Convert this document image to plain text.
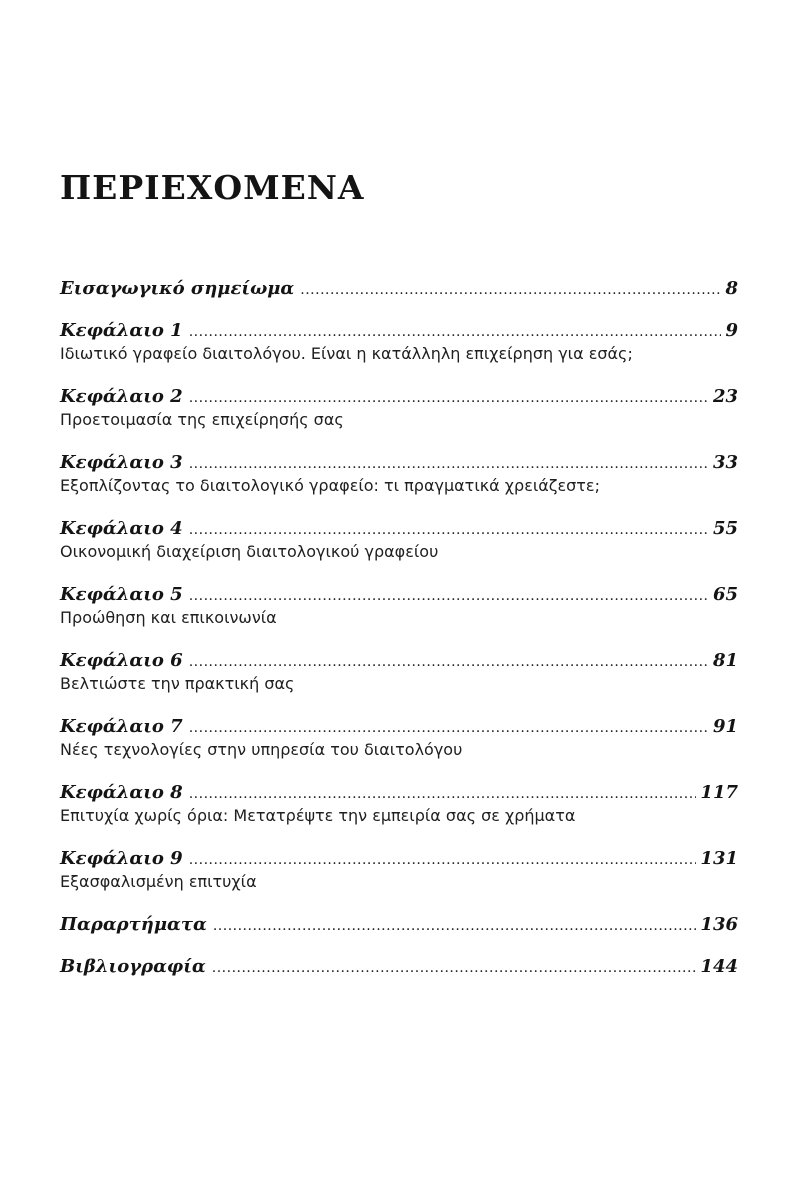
ΠΕΡΙΕΧΟΜΕΝΑ
Εισαγωγικό σημείωμα .....	8
Κεφάλαιο 1 .....	9
Ιδιωτικό γραφείο διαιτολόγου. Είναι η κατάλληλη επιχείρηση για εσάς;
Κεφάλαιο 2 .....	23
Προετοιμασία της επιχείρησής σας
Κεφάλαιο 3 .....	33
Εξοπλίζοντας το διαιτολογικό γραφείο: τι πραγματικά χρειάζεστε;
Κεφάλαιο 4 .....	55
Οικονομική διαχείριση διαιτολογικού γραφείου
Κεφάλαιο 5 .....	65
Προώθηση και επικοινωνία
Κεφάλαιο 6 .....	81
Βελτιώστε την πρακτική σας
Κεφάλαιο 7 .....	91
Νέες τεχνολογίες στην υπηρεσία του διαιτολόγου
Κεφάλαιο 8 .....	117
Επιτυχία χωρίς όρια: Μετατρέψτε την εμπειρία σας σε χρήματα
Κεφάλαιο 9 .....	131
Εξασφαλισμένη επιτυχία
Παραρτήματα .....	136
Βιβλιογραφία .....	144
